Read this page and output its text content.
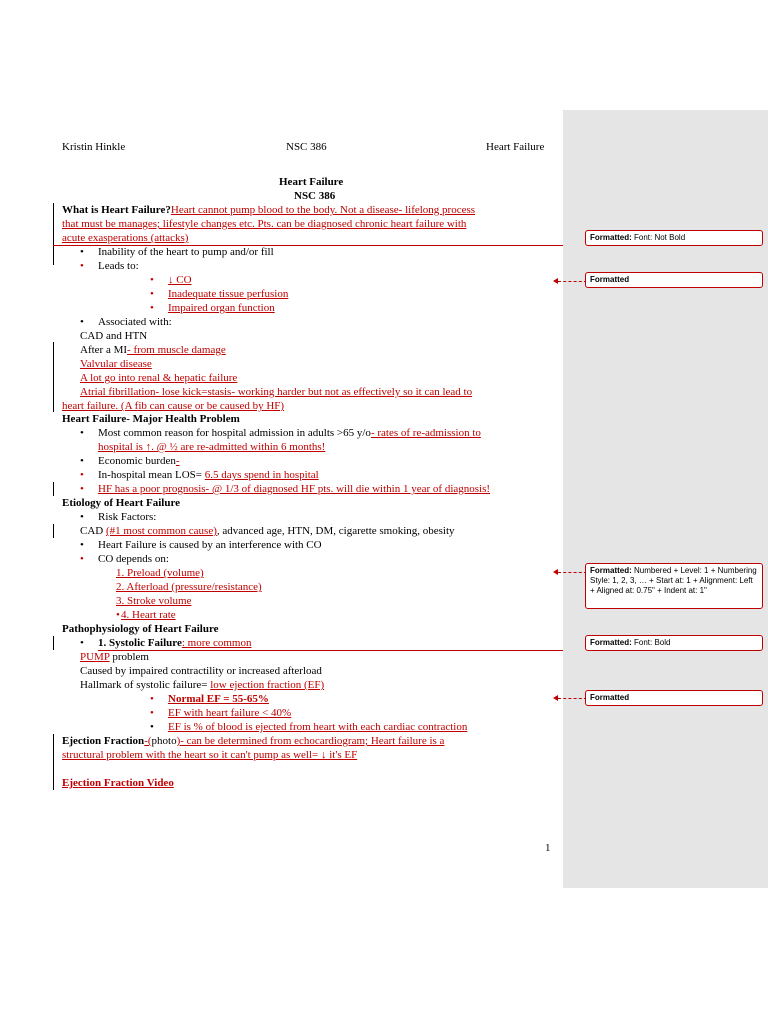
Kristin Hinkle	NSC 386	Heart Failure
Heart Failure
NSC 386
What is Heart Failure?Heart cannot pump blood to the body. Not a disease- lifelong process
that must be manages; lifestyle changes etc. Pts. can be diagnosed chronic heart failure with
acute exasperations (attacks)
• Inability of the heart to pump and/or fill
• Leads to:
• ↓ CO
• Inadequate tissue perfusion
• Impaired organ function
• Associated with:
CAD and HTN
After a MI- from muscle damage
Valvular disease
A lot go into renal & hepatic failure
Atrial fibrillation- lose kick=stasis- working harder but not as effectively so it can lead to
heart failure. (A fib can cause or be caused by HF)
Heart Failure- Major Health Problem
• Most common reason for hospital admission in adults >65 y/o- rates of re-admission to
hospital is ↑. @ ½ are re-admitted within 6 months!
• Economic burden-
• In-hospital mean LOS= 6.5 days spend in hospital
• HF has a poor prognosis- @ 1/3 of diagnosed HF pts. will die within 1 year of diagnosis!
Etiology of Heart Failure
• Risk Factors:
CAD (#1 most common cause), advanced age, HTN, DM, cigarette smoking, obesity
• Heart Failure is caused by an interference with CO
• CO depends on:
1. Preload (volume)
2. Afterload (pressure/resistance)
3. Stroke volume
• 4. Heart rate
Pathophysiology of Heart Failure
• 1. Systolic Failure: more common
PUMP problem
Caused by impaired contractility or increased afterload
Hallmark of systolic failure= low ejection fraction (EF)
• Normal EF = 55-65%
• EF with heart failure < 40%
• EF is % of blood is ejected from heart with each cardiac contraction
Ejection Fraction-(photo)- can be determined from echocardiogram; Heart failure is a
structural problem with the heart so it can't pump as well= ↓ it's EF
Ejection Fraction Video
1
Formatted: Font: Not Bold
Formatted
Formatted: Numbered + Level: 1 + Numbering Style: 1, 2, 3, … + Start at: 1 + Alignment: Left + Aligned at: 0.75" + Indent at: 1"
Formatted: Font: Bold
Formatted
